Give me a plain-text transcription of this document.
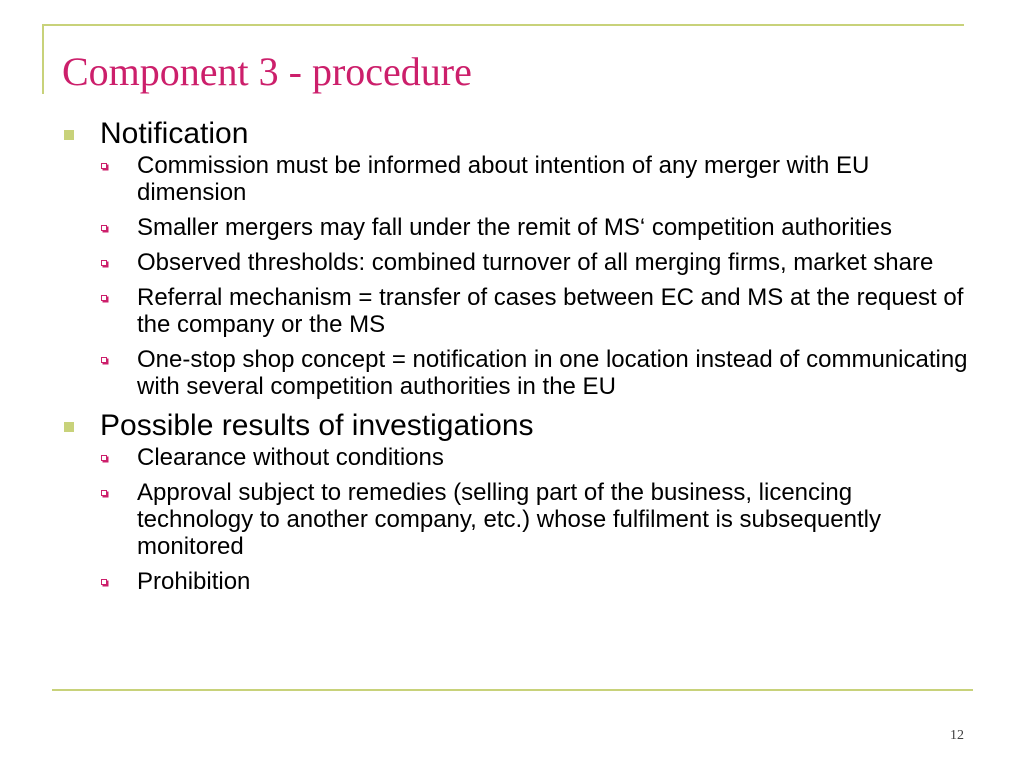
Component 3 - procedure
Notification
Commission must be informed about intention of any merger with EU dimension
Smaller mergers may fall under the remit of MS‘ competition authorities
Observed thresholds: combined turnover of all merging firms, market share
Referral mechanism = transfer of cases between EC and MS at the request of the company or the MS
One-stop shop concept = notification in one location instead of communicating with several competition authorities in the EU
Possible results of investigations
Clearance without conditions
Approval subject to remedies (selling part of the business, licencing technology to another company, etc.) whose fulfilment is subsequently monitored
Prohibition
12
